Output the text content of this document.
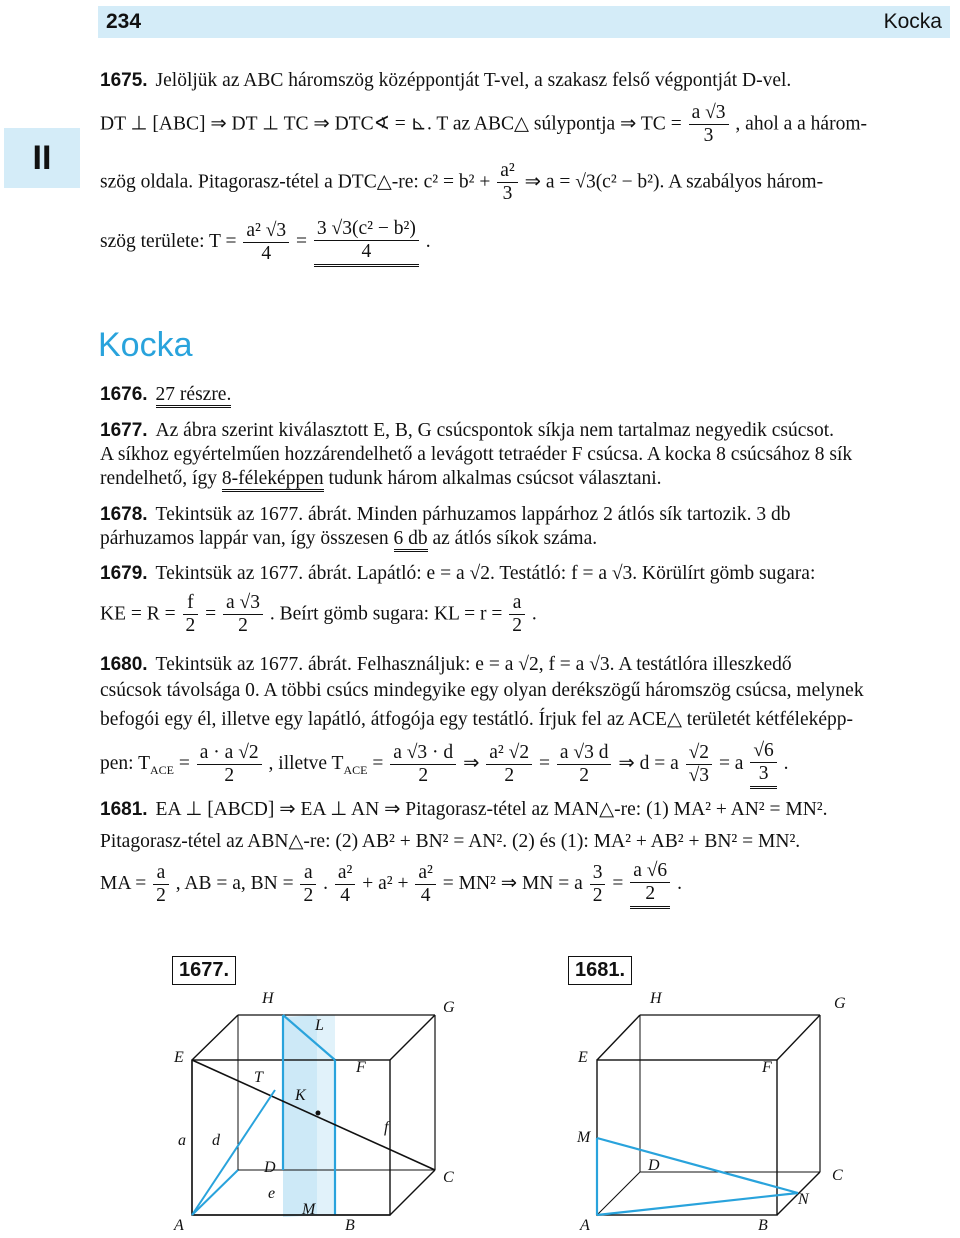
234	Kocka
II
1675. Jelöljük az ABC háromszög középpontját T-vel, a szakasz felső végpontját D-vel.
DT ⊥ [ABC] ⇒ DT ⊥ TC ⇒ DTC∢ = ⊾. T az ABC△ súlypontja ⇒ TC = $\frac{a √3}{3}$ , ahol a a három-
szög oldala. Pitagorasz-tétel a DTC△-re: $c^2 = b^2 + \frac{\text{a²}}{3}$ ⇒ a = √3(c² − b²). A szabályos három-
szög területe: $T = \frac{\text{a² √3}}{4} = \frac{\text{3 √3(c² − b²)}}{4}$ .
Kocka
1676. 27 részre.
1677. Az ábra szerint kiválasztott E, B, G csúcspontok síkja nem tartalmaz negyedik csúcsot.
A síkhoz egyértelműen hozzárendelhető a levágott tetraéder F csúcsa. A kocka 8 csúcsához 8 sík
rendelhető, így 8-féleképpen tudunk három alkalmas csúcsot választani.
1678. Tekintsük az 1677. ábrát. Minden párhuzamos lappárhoz 2 átlós sík tartozik. 3 db
párhuzamos lappár van, így összesen 6 db az átlós síkok száma.
1679. Tekintsük az 1677. ábrát. Lapátló: e = a √2. Testátló: f = a √3. Körülírt gömb sugara:
KE = $R = \frac{f}{2} = \frac{a √3}{2}$ . Beírt gömb sugara: KL = $r = \frac{a}{2}$ .
1680. Tekintsük az 1677. ábrát. Felhasználjuk: e = a √2, f = a √3. A testátlóra illeszkedő
csúcsok távolsága 0. A többi csúcs mindegyike egy olyan derékszögű háromszög csúcsa, melynek
befogói egy él, illetve egy lapátló, átfogója egy testátló. Írjuk fel az ACE△ területét kétféleképp-
pen: $T_{ACE} = \frac{a \cdot a √2}{2}$ , illetve $T_{ACE} = \frac{a √3 \cdot d}{2}$ ⇒ $\frac{\text{a² √2}}{2} = \frac{a √3 d}{2}$ ⇒ d = a $\frac{√2}{√3} = a \frac{√6}{3}$ .
1681. EA ⊥ [ABCD] ⇒ EA ⊥ AN ⇒ Pitagorasz-tétel az MAN△-re: (1) MA² + AN² = MN².
Pitagorasz-tétel az ABN△-re: (2) AB² + BN² = AN². (2) és (1): MA² + AB² + BN² = MN².
MA = $\frac{a}{2}$ , AB = a, BN = $\frac{a}{2}$ . $\frac{\text{a²}}{4} + a^2 + \frac{\text{a²}}{4} = MN^2$ ⇒ MN = a $\frac{3}{2} = \frac{a √6}{2}$ .
1677.
H
G
L
E
F
T
K
a d
f
D
e
C
A
M
B
1681.
H	G
E
F
M
D
C
N
A	B
